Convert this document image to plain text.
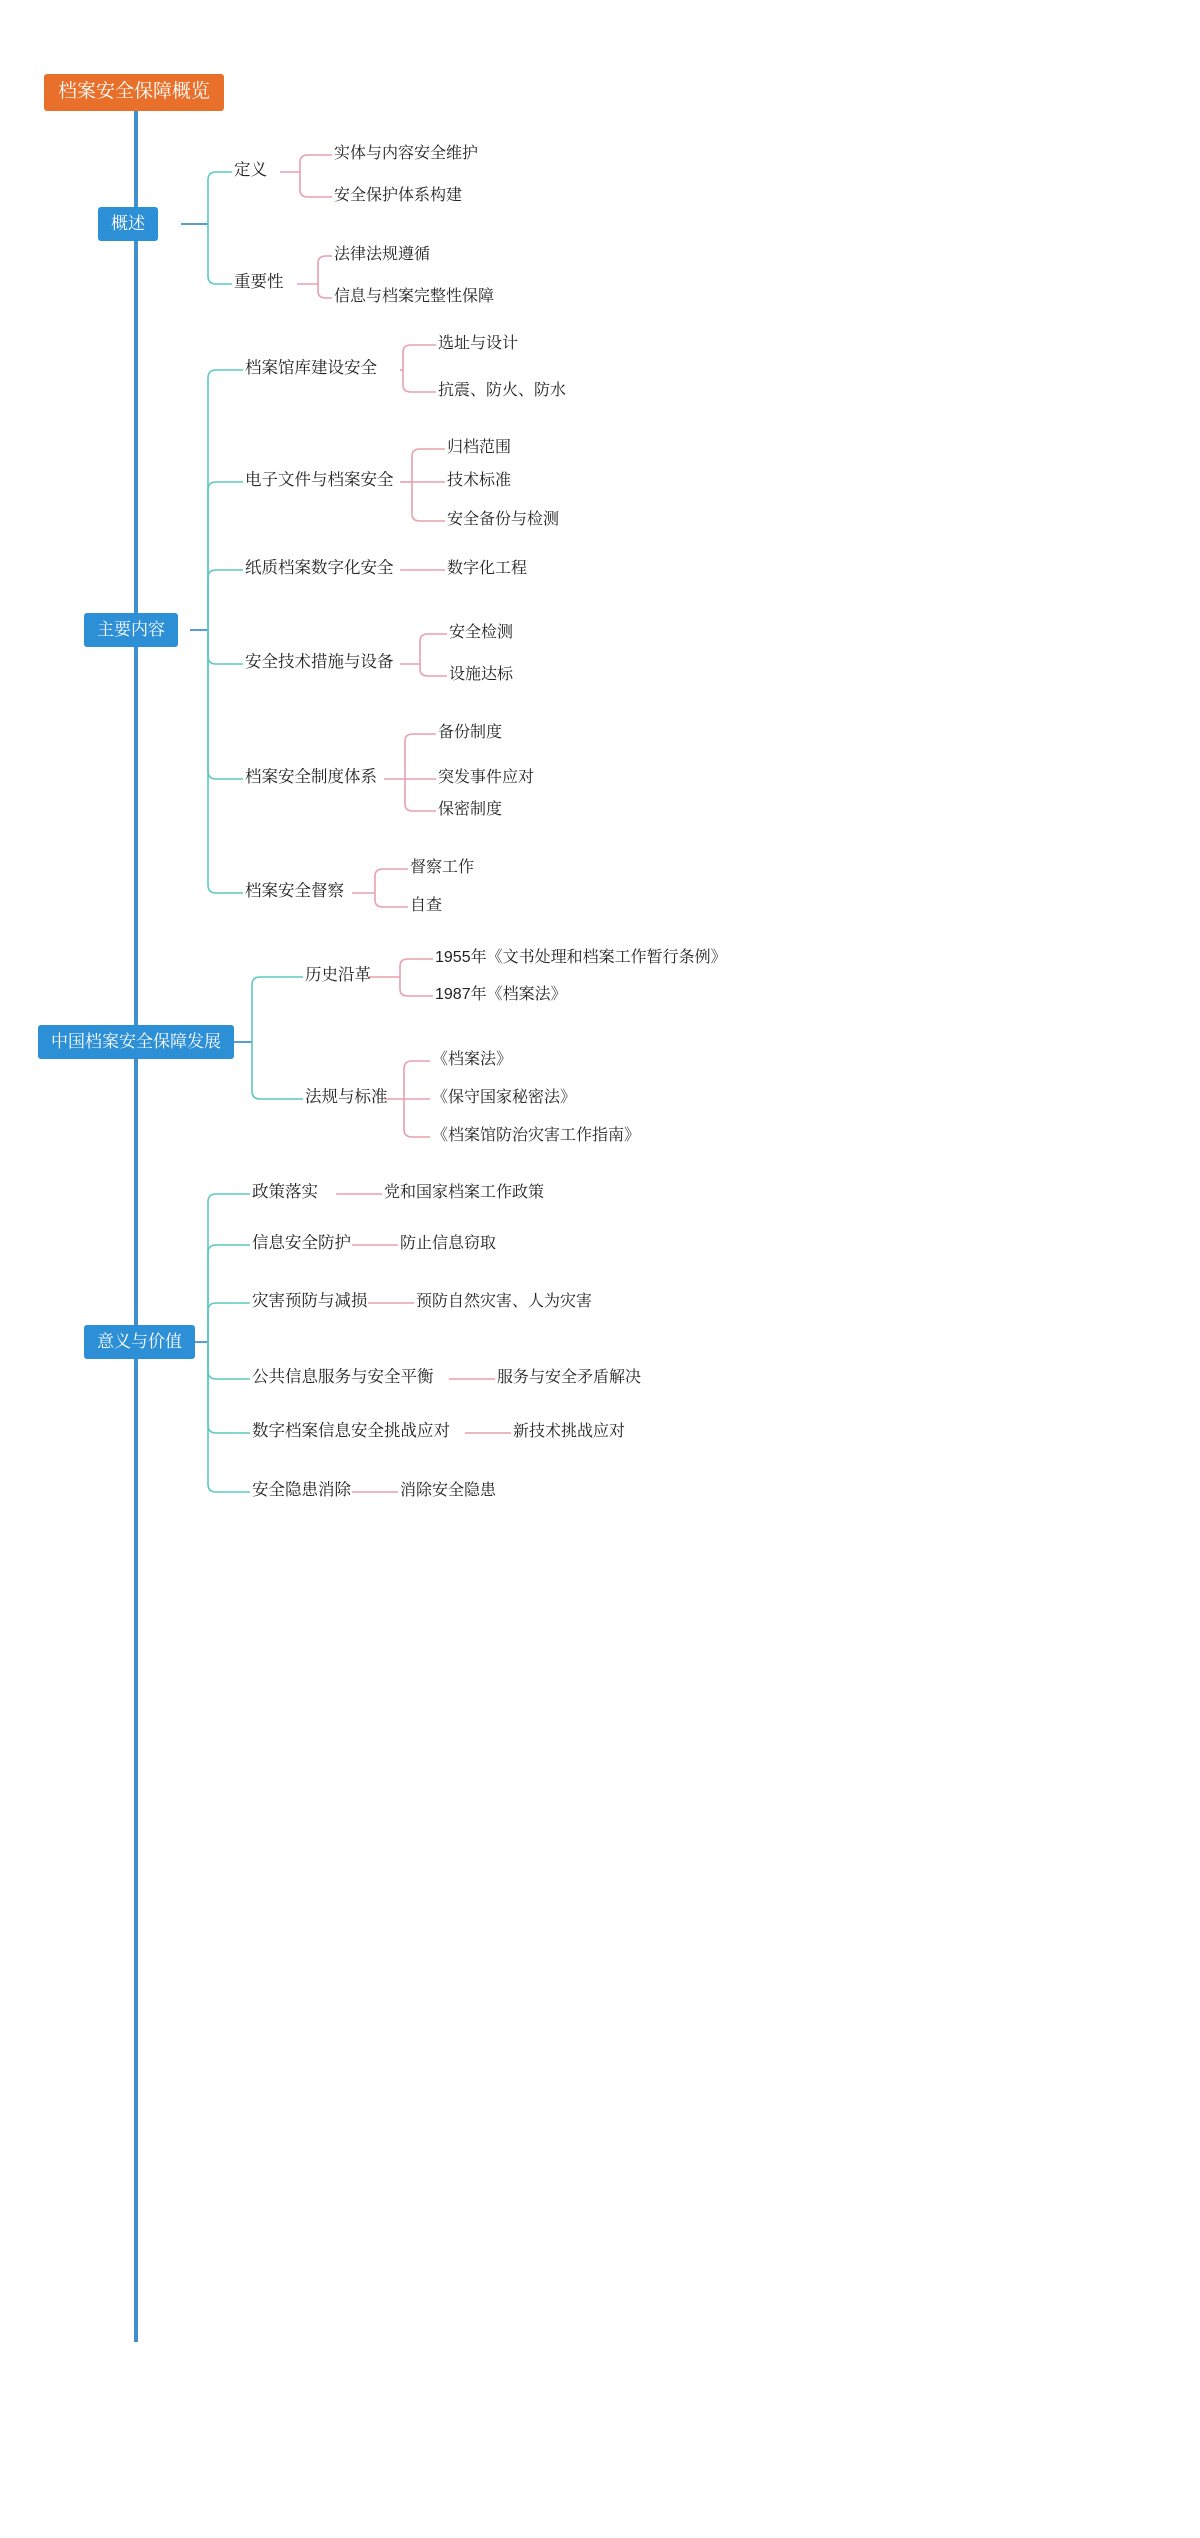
档案安全保障概览
概述
定义
实体与内容安全维护
安全保护体系构建
重要性
法律法规遵循
信息与档案完整性保障
主要内容
档案馆库建设安全
选址与设计
抗震、防火、防水
电子文件与档案安全
归档范围
技术标准
安全备份与检测
纸质档案数字化安全	数字化工程
安全技术措施与设备
安全检测
设施达标
档案安全制度体系
备份制度
突发事件应对
保密制度
档案安全督察
督察工作
自查
中国档案安全保障发展
历史沿革
1955年《文书处理和档案工作暂行条例》
1987年《档案法》
法规与标准
《档案法》
《保守国家秘密法》
《档案馆防治灾害工作指南》
意义与价值
政策落实	党和国家档案工作政策
信息安全防护	防止信息窃取
灾害预防与减损	预防自然灾害、人为灾害
公共信息服务与安全平衡	服务与安全矛盾解决
数字档案信息安全挑战应对	新技术挑战应对
安全隐患消除	消除安全隐患
